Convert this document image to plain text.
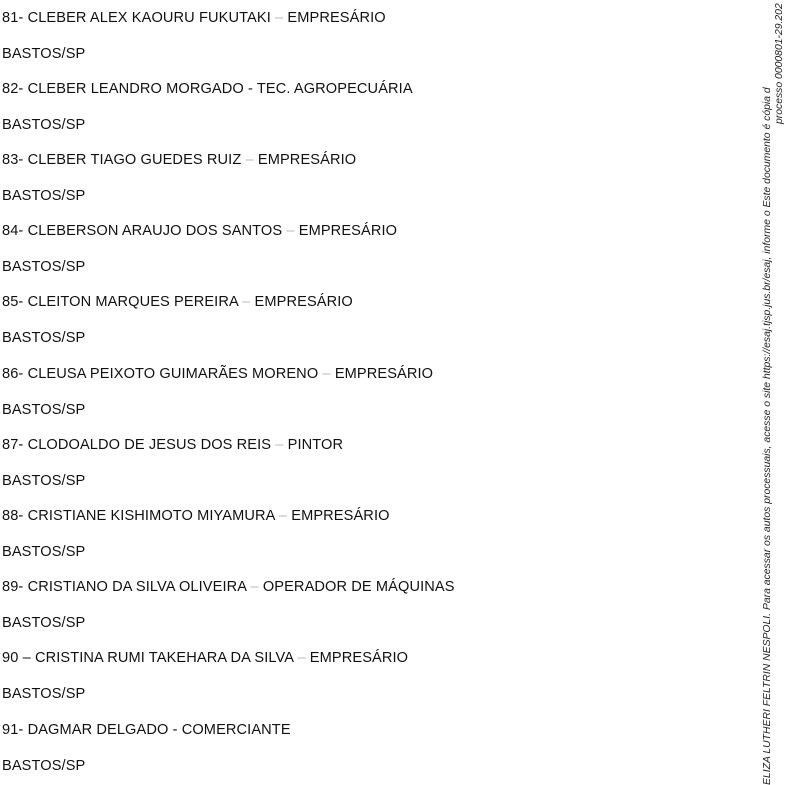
81- CLEBER ALEX KAOURU FUKUTAKI – EMPRESÁRIO
BASTOS/SP
82- CLEBER LEANDRO MORGADO - TEC. AGROPECUÁRIA
BASTOS/SP
83- CLEBER TIAGO GUEDES RUIZ – EMPRESÁRIO
BASTOS/SP
84- CLEBERSON ARAUJO DOS SANTOS – EMPRESÁRIO
BASTOS/SP
85- CLEITON MARQUES PEREIRA – EMPRESÁRIO
BASTOS/SP
86- CLEUSA PEIXOTO GUIMARÃES MORENO – EMPRESÁRIO
BASTOS/SP
87- CLODOALDO DE JESUS DOS REIS – PINTOR
BASTOS/SP
88- CRISTIANE KISHIMOTO MIYAMURA – EMPRESÁRIO
BASTOS/SP
89- CRISTIANO DA SILVA OLIVEIRA – OPERADOR DE MÁQUINAS
BASTOS/SP
90 – CRISTINA RUMI TAKEHARA DA SILVA – EMPRESÁRIO
BASTOS/SP
91- DAGMAR DELGADO - COMERCIANTE
BASTOS/SP	ELIZA LUTHERI FELTRIN NESPOLI. Para acessar os autos processuais, acesse o site https://esaj.tjsp.jus.br/esaj, informe o Este documento é cópia d
processo 0000801-29.202
